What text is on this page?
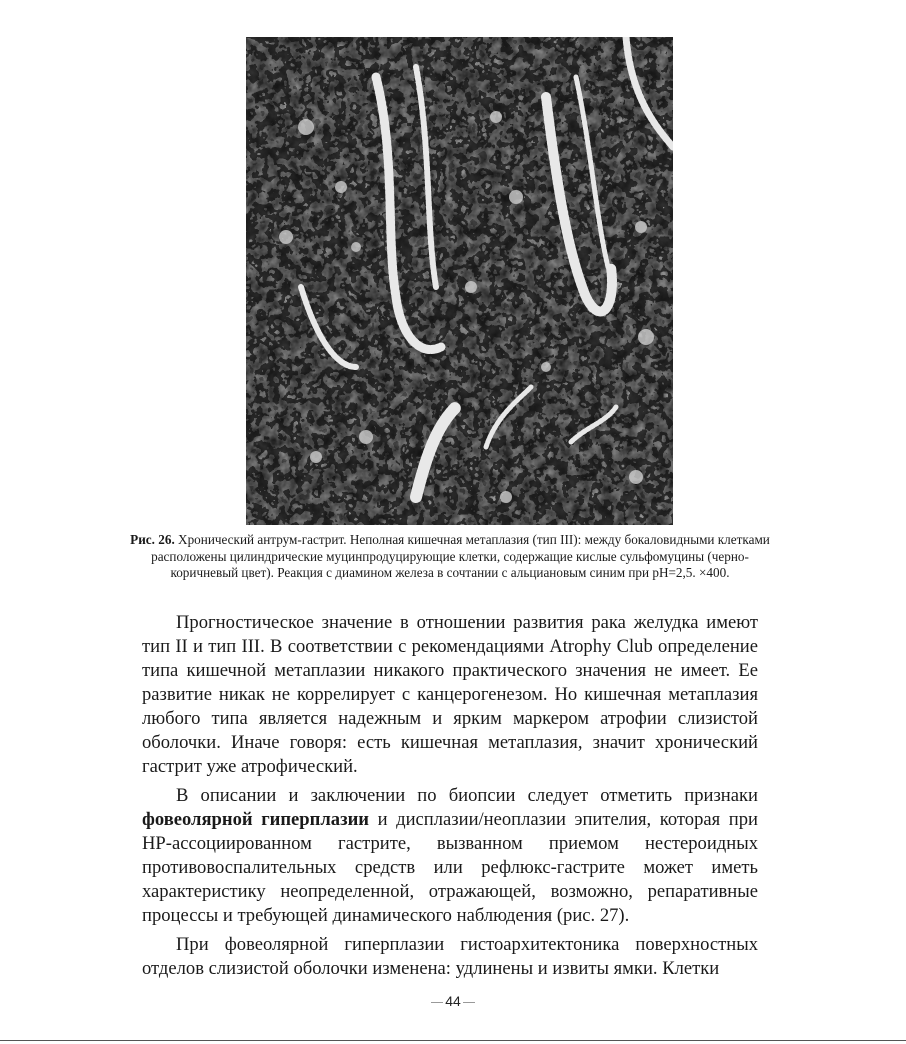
Рис. 26. Хронический антрум-гастрит. Неполная кишечная метаплазия (тип III): между бокаловидными клетками расположены цилиндрические муцинпродуцирующие клетки, содержащие кислые сульфомуцины (черно-коричневый цвет). Реакция с диамином железа в сочтании с альциановым синим при pH=2,5. ×400.

Прогностическое значение в отношении развития рака желудка имеют тип II и тип III. В соответствии с рекомендациями Atrophy Club определение типа кишечной метаплазии никакого практического значения не имеет. Ее развитие никак не коррелирует с канцерогенезом. Но кишечная метаплазия любого типа является надежным и ярким маркером атрофии слизистой оболочки. Иначе говоря: есть кишечная метаплазия, значит хронический гастрит уже атрофический.

В описании и заключении по биопсии следует отметить признаки фовеолярной гиперплазии и дисплазии/неоплазии эпителия, которая при НР-ассоциированном гастрите, вызванном приемом нестероидных противовоспалительных средств или рефлюкс-гастрите может иметь характеристику неопределенной, отражающей, возможно, репаративные процессы и требующей динамического наблюдения (рис. 27).

При фовеолярной гиперплазии гистоархитектоника поверхностных отделов слизистой оболочки изменена: удлинены и извиты ямки. Клетки

44
